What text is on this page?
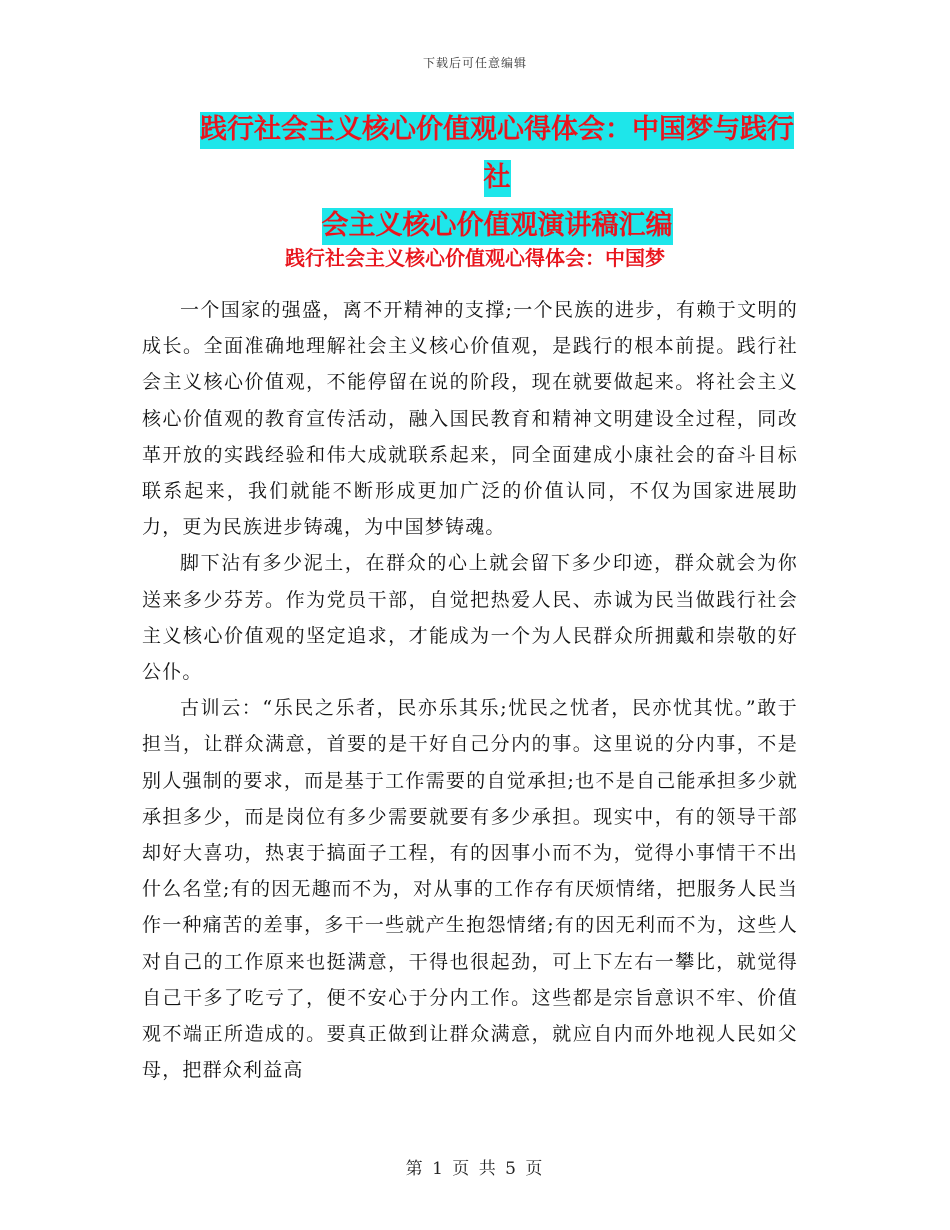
下载后可任意编辑
践行社会主义核心价值观心得体会：中国梦与践行社
会主义核心价值观演讲稿汇编
践行社会主义核心价值观心得体会：中国梦

一个国家的强盛，离不开精神的支撑;一个民族的进步，有赖于文明的成长。全面准确地理解社会主义核心价值观，是践行的根本前提。践行社会主义核心价值观，不能停留在说的阶段，现在就要做起来。将社会主义核心价值观的教育宣传活动，融入国民教育和精神文明建设全过程，同改革开放的实践经验和伟大成就联系起来，同全面建成小康社会的奋斗目标联系起来，我们就能不断形成更加广泛的价值认同，不仅为国家进展助力，更为民族进步铸魂，为中国梦铸魂。

脚下沾有多少泥土，在群众的心上就会留下多少印迹，群众就会为你送来多少芬芳。作为党员干部，自觉把热爱人民、赤诚为民当做践行社会主义核心价值观的坚定追求，才能成为一个为人民群众所拥戴和崇敬的好公仆。

古训云：“乐民之乐者，民亦乐其乐;忧民之忧者，民亦忧其忧。”敢于担当，让群众满意，首要的是干好自己分内的事。这里说的分内事，不是别人强制的要求，而是基于工作需要的自觉承担;也不是自己能承担多少就承担多少，而是岗位有多少需要就要有多少承担。现实中，有的领导干部却好大喜功，热衷于搞面子工程，有的因事小而不为，觉得小事情干不出什么名堂;有的因无趣而不为，对从事的工作存有厌烦情绪，把服务人民当作一种痛苦的差事，多干一些就产生抱怨情绪;有的因无利而不为，这些人对自己的工作原来也挺满意，干得也很起劲，可上下左右一攀比，就觉得自己干多了吃亏了，便不安心于分内工作。这些都是宗旨意识不牢、价值观不端正所造成的。要真正做到让群众满意，就应自内而外地视人民如父母，把群众利益高

第 1 页 共 5 页
